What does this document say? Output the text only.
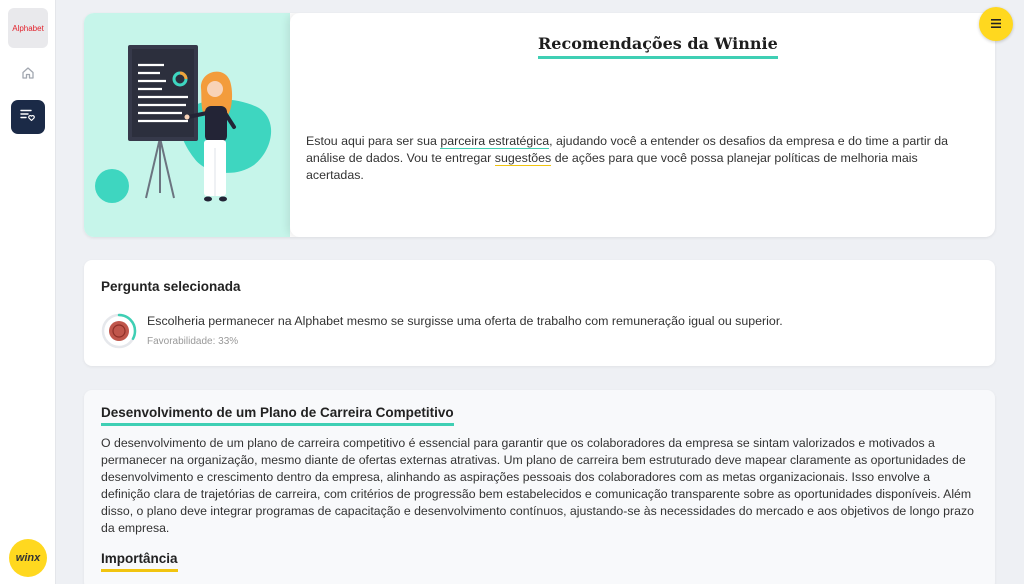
Alphabet
winx
Recomendações da Winnie

Estou aqui para ser sua parceira estratégica, ajudando você a entender os desafios da empresa e do time a partir da análise de dados. Vou te entregar sugestões de ações para que você possa planejar políticas de melhoria mais acertadas.

Pergunta selecionada

Escolheria permanecer na Alphabet mesmo se surgisse uma oferta de trabalho com remuneração igual ou superior.

Favorabilidade: 33%

Desenvolvimento de um Plano de Carreira Competitivo

O desenvolvimento de um plano de carreira competitivo é essencial para garantir que os colaboradores da empresa se sintam valorizados e motivados a permanecer na organização, mesmo diante de ofertas externas atrativas. Um plano de carreira bem estruturado deve mapear claramente as oportunidades de desenvolvimento e crescimento dentro da empresa, alinhando as aspirações pessoais dos colaboradores com as metas organizacionais. Isso envolve a definição clara de trajetórias de carreira, com critérios de progressão bem estabelecidos e comunicação transparente sobre as oportunidades disponíveis. Além disso, o plano deve integrar programas de capacitação e desenvolvimento contínuos, ajustando-se às necessidades do mercado e aos objetivos de longo prazo da empresa.

Importância
